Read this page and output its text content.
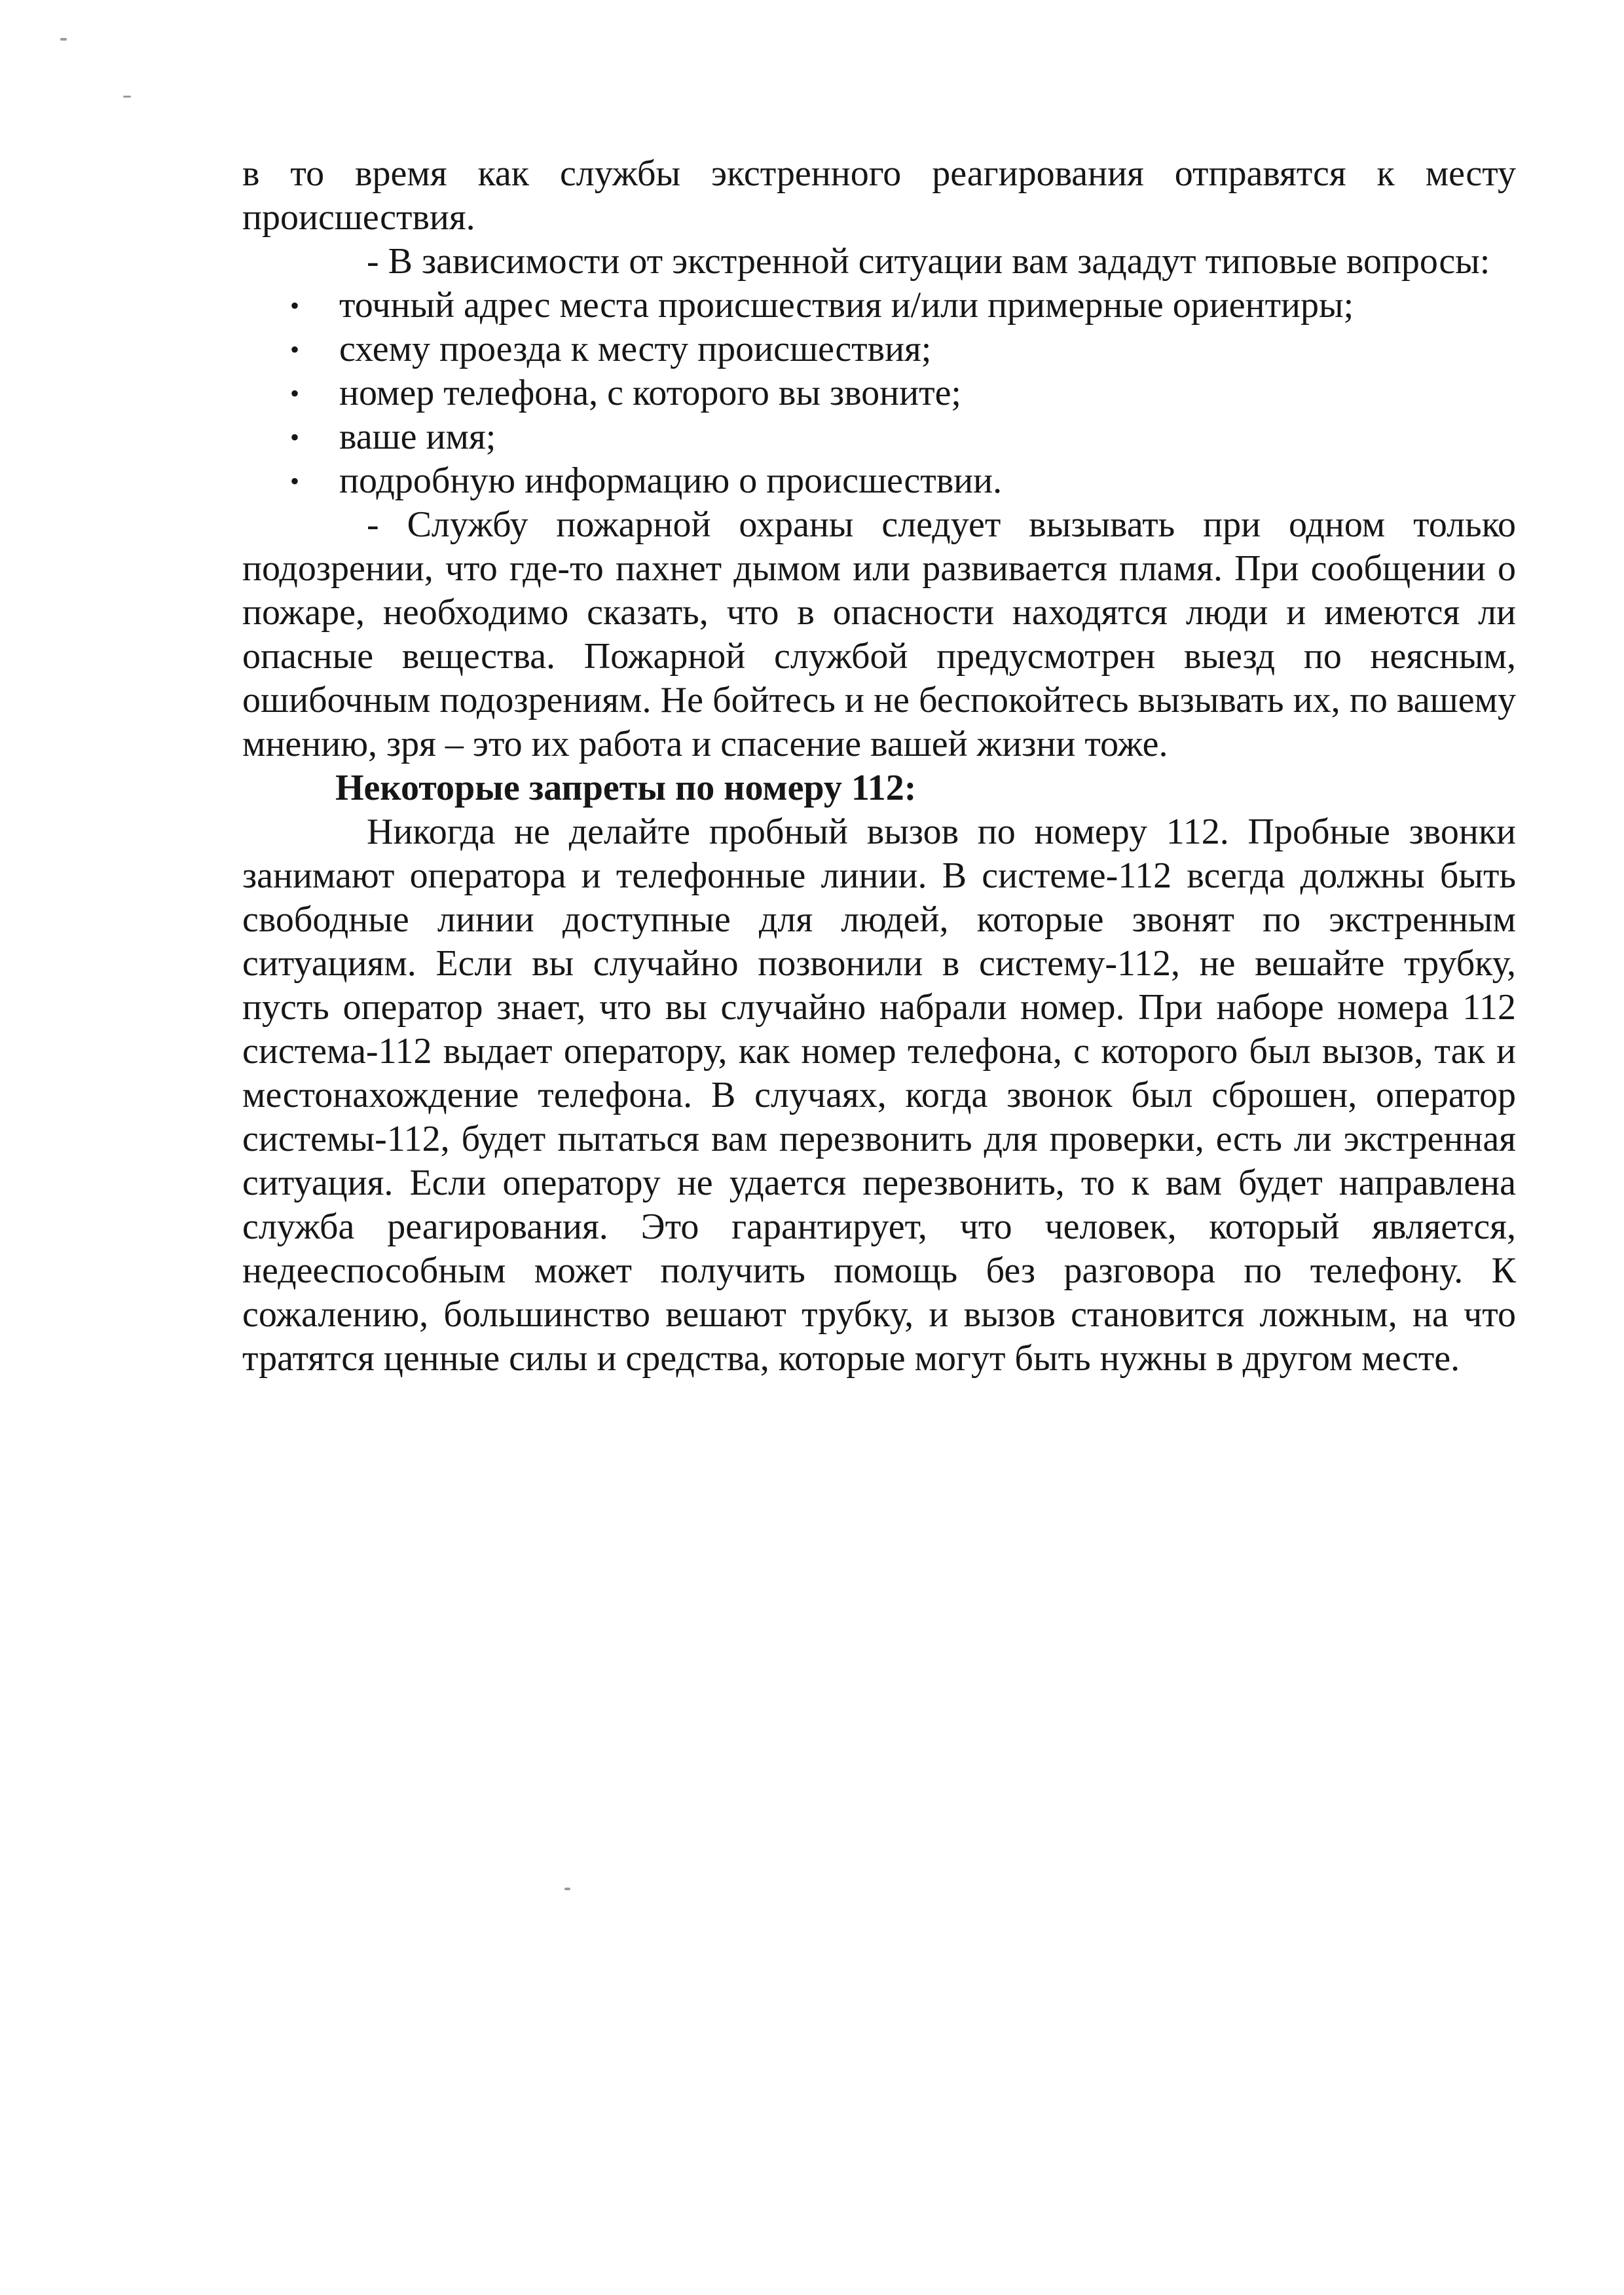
в то время как службы экстренного реагирования отправятся к месту происшествия.

- В зависимости от экстренной ситуации вам зададут типовые вопросы:

• точный адрес места происшествия и/или примерные ориентиры;
• схему проезда к месту происшествия;
• номер телефона, с которого вы звоните;
• ваше имя;
• подробную информацию о происшествии.

- Службу пожарной охраны следует вызывать при одном только подозрении, что где-то пахнет дымом или развивается пламя. При сообщении о пожаре, необходимо сказать, что в опасности находятся люди и имеются ли опасные вещества. Пожарной службой предусмотрен выезд по неясным, ошибочным подозрениям. Не бойтесь и не беспокойтесь вызывать их, по вашему мнению, зря – это их работа и спасение вашей жизни тоже.

Некоторые запреты по номеру 112:

Никогда не делайте пробный вызов по номеру 112. Пробные звонки занимают оператора и телефонные линии. В системе-112 всегда должны быть свободные линии доступные для людей, которые звонят по экстренным ситуациям. Если вы случайно позвонили в систему-112, не вешайте трубку, пусть оператор знает, что вы случайно набрали номер. При наборе номера 112 система-112 выдает оператору, как номер телефона, с которого был вызов, так и местонахождение телефона. В случаях, когда звонок был сброшен, оператор системы-112, будет пытаться вам перезвонить для проверки, есть ли экстренная ситуация. Если оператору не удается перезвонить, то к вам будет направлена служба реагирования. Это гарантирует, что человек, который является, недееспособным может получить помощь без разговора по телефону. К сожалению, большинство вешают трубку, и вызов становится ложным, на что тратятся ценные силы и средства, которые могут быть нужны в другом месте.
